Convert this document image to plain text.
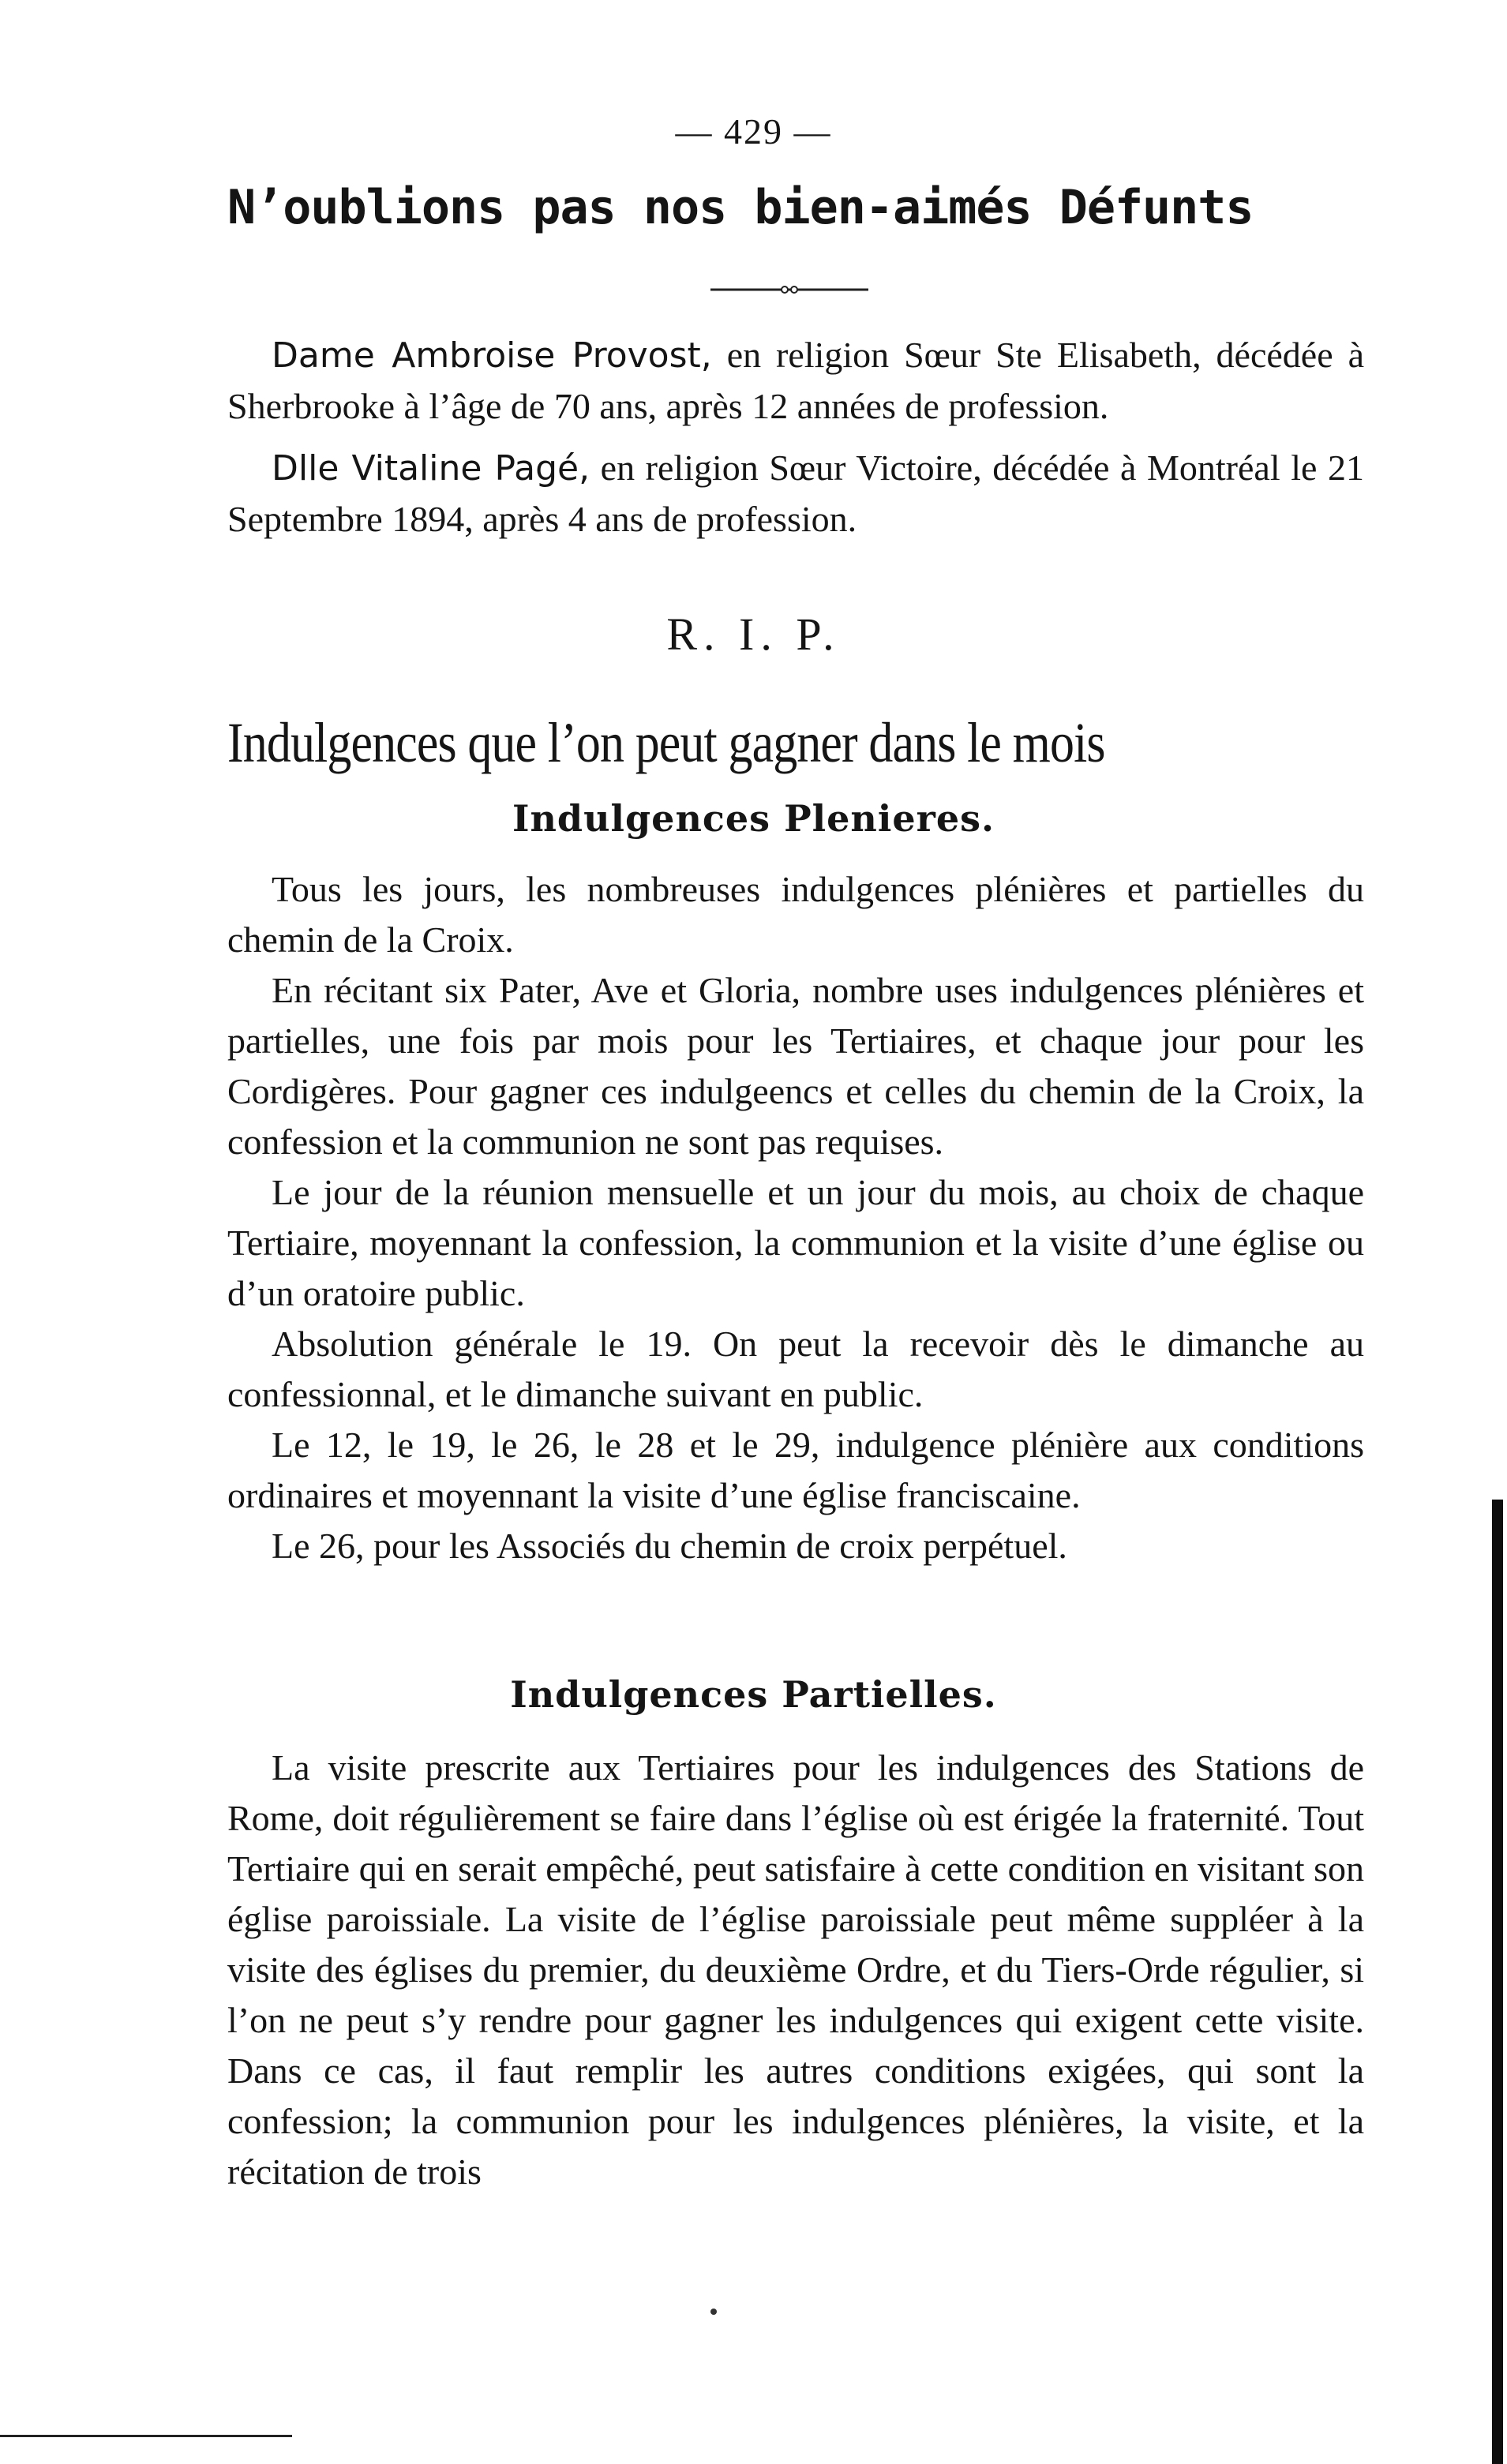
— 429 —
N’oublions pas nos bien-aimés Défunts

Dame Ambroise Provost, en religion Sœur Ste Elisabeth, décédée à Sherbrooke à l’âge de 70 ans, après 12 années de profession.

Dlle Vitaline Pagé, en religion Sœur Victoire, décédée à Montréal le 21 Septembre 1894, après 4 ans de profession.

R. I. P.
Indulgences que l’on peut gagner dans le mois
Indulgences Plenieres.

Tous les jours, les nombreuses indulgences plénières et partielles du chemin de la Croix.

En récitant six Pater, Ave et Gloria, nombre uses indulgences plénières et partielles, une fois par mois pour les Tertiaires, et chaque jour pour les Cordigères. Pour gagner ces indulgeencs et celles du chemin de la Croix, la confession et la communion ne sont pas requises.

Le jour de la réunion mensuelle et un jour du mois, au choix de chaque Tertiaire, moyennant la confession, la communion et la visite d’une église ou d’un oratoire public.

Absolution générale le 19. On peut la recevoir dès le dimanche au confessionnal, et le dimanche suivant en public.

Le 12, le 19, le 26, le 28 et le 29, indulgence plénière aux conditions ordinaires et moyennant la visite d’une église franciscaine.

Le 26, pour les Associés du chemin de croix perpétuel.

Indulgences Partielles.

La visite prescrite aux Tertiaires pour les indulgences des Stations de Rome, doit régulièrement se faire dans l’église où est érigée la fraternité. Tout Tertiaire qui en serait empêché, peut satisfaire à cette condition en visitant son église paroissiale. La visite de l’église paroissiale peut même suppléer à la visite des églises du premier, du deuxième Ordre, et du Tiers-Orde régulier, si l’on ne peut s’y rendre pour gagner les indulgences qui exigent cette visite. Dans ce cas, il faut remplir les autres conditions exigées, qui sont la confession; la communion pour les indulgences plénières, la visite, et la récitation de trois
